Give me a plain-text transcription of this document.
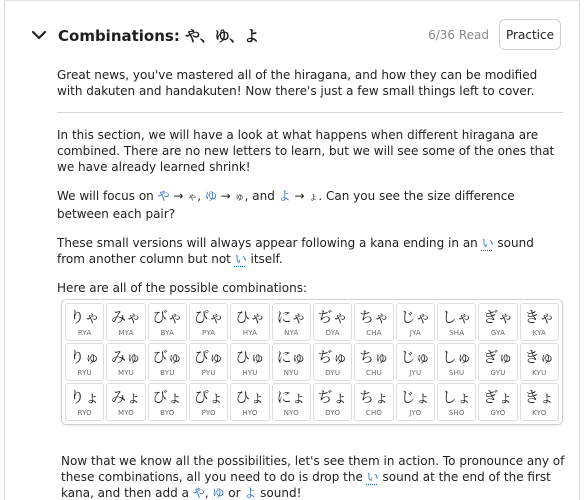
Combinations: や、ゆ、よ	6/36 Read	Practice

Great news, you've mastered all of the hiragana, and how they can be modified with dakuten and handakuten! Now there's just a few small things left to cover.

In this section, we will have a look at what happens when different hiragana are combined. There are no new letters to learn, but we will see some of the ones that we have already learned shrink!

We will focus on や → ゃ, ゆ → ゅ, and よ → ょ. Can you see the size difference between each pair?

These small versions will always appear following a kana ending in an い sound from another column but not い itself.

Here are all of the possible combinations:

りゃ
RYA
みゃ
MYA
びゃ
BYA
ぴゃ
PYA
ひゃ
HYA
にゃ
NYA
ぢゃ
DYA
ちゃ
CHA
じゃ
JYA
しゃ
SHA
ぎゃ
GYA
きゃ
KYA
りゅ
RYU
みゅ
MYU
びゅ
BYU
ぴゅ
PYU
ひゅ
HYU
にゅ
NYU
ぢゅ
DYU
ちゅ
CHU
じゅ
JYU
しゅ
SHU
ぎゅ
GYU
きゅ
KYU
りょ
RYO
みょ
MYO
びょ
BYO
ぴょ
PYO
ひょ
HYO
にょ
NYO
ぢょ
DYO
ちょ
CHO
じょ
JYO
しょ
SHO
ぎょ
GYO
きょ
KYO
Now that we know all the possibilities, let's see them in action. To pronounce any of these combinations, all you need to do is drop the い sound at the end of the first kana, and then add a や, ゆ or よ sound!
